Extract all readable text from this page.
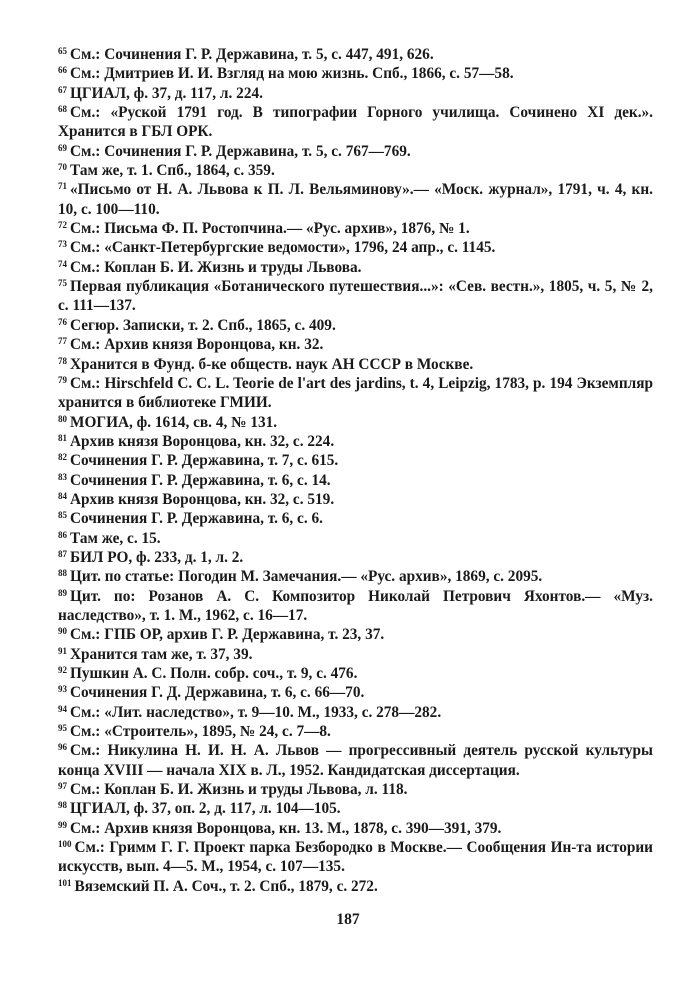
$^{65}$ См.: Сочинения Г. Р. Державина, т. 5, с. 447, 491, 626.

$^{66}$ См.: Дмитриев И. И. Взгляд на мою жизнь. Спб., 1866, с. 57—58.

$^{67}$ ЦГИАЛ, ф. 37, д. 117, л. 224.

$^{68}$ См.: «Руской 1791 год. В типографии Горного училища. Сочинено XI дек.». Хранится в ГБЛ ОРК.

$^{69}$ См.: Сочинения Г. Р. Державина, т. 5, с. 767—769.

$^{70}$ Там же, т. 1. Спб., 1864, с. 359.

$^{71}$ «Письмо от Н. А. Львова к П. Л. Вельяминову».— «Моск. журнал», 1791, ч. 4, кн. 10, с. 100—110.

$^{72}$ См.: Письма Ф. П. Ростопчина.— «Рус. архив», 1876, № 1.

$^{73}$ См.: «Санкт-Петербургские ведомости», 1796, 24 апр., с. 1145.

$^{74}$ См.: Коплан Б. И. Жизнь и труды Львова.

$^{75}$ Первая публикация «Ботанического путешествия...»: «Сев. вестн.», 1805, ч. 5, № 2, с. 111—137.

$^{76}$ Сегюр. Записки, т. 2. Спб., 1865, с. 409.

$^{77}$ См.: Архив князя Воронцова, кн. 32.

$^{78}$ Хранится в Фунд. б-ке обществ. наук АН СССР в Москве.

$^{79}$ См.: Hirschfeld С. С. L. Teorie de l'art des jardins, t. 4, Leipzig, 1783, p. 194 Экземпляр хранится в библиотеке ГМИИ.

$^{80}$ МОГИА, ф. 1614, св. 4, № 131.

$^{81}$ Архив князя Воронцова, кн. 32, с. 224.

$^{82}$ Сочинения Г. Р. Державина, т. 7, с. 615.

$^{83}$ Сочинения Г. Р. Державина, т. 6, с. 14.

$^{84}$ Архив князя Воронцова, кн. 32, с. 519.

$^{85}$ Сочинения Г. Р. Державина, т. 6, с. 6.

$^{86}$ Там же, с. 15.

$^{87}$ БИЛ РО, ф. 233, д. 1, л. 2.

$^{88}$ Цит. по статье: Погодин М. Замечания.— «Рус. архив», 1869, с. 2095.

$^{89}$ Цит. по: Розанов А. С. Композитор Николай Петрович Яхонтов.— «Муз. наследство», т. 1. М., 1962, с. 16—17.

$^{90}$ См.: ГПБ ОР, архив Г. Р. Державина, т. 23, 37.

$^{91}$ Хранится там же, т. 37, 39.

$^{92}$ Пушкин А. С. Полн. собр. соч., т. 9, с. 476.

$^{93}$ Сочинения Г. Д. Державина, т. 6, с. 66—70.

$^{94}$ См.: «Лит. наследство», т. 9—10. М., 1933, с. 278—282.

$^{95}$ См.: «Строитель», 1895, № 24, с. 7—8.

$^{96}$ См.: Никулина Н. И. Н. А. Львов — прогрессивный деятель русской культуры конца XVIII — начала XIX в. Л., 1952. Кандидатская диссертация.

$^{97}$ См.: Коплан Б. И. Жизнь и труды Львова, л. 118.

$^{98}$ ЦГИАЛ, ф. 37, оп. 2, д. 117, л. 104—105.

$^{99}$ См.: Архив князя Воронцова, кн. 13. М., 1878, с. 390—391, 379.

$^{100}$ См.: Гримм Г. Г. Проект парка Безбородко в Москве.— Сообщения Ин-та истории искусств, вып. 4—5. М., 1954, с. 107—135.

$^{101}$ Вяземский П. А. Соч., т. 2. Спб., 1879, с. 272.

187
